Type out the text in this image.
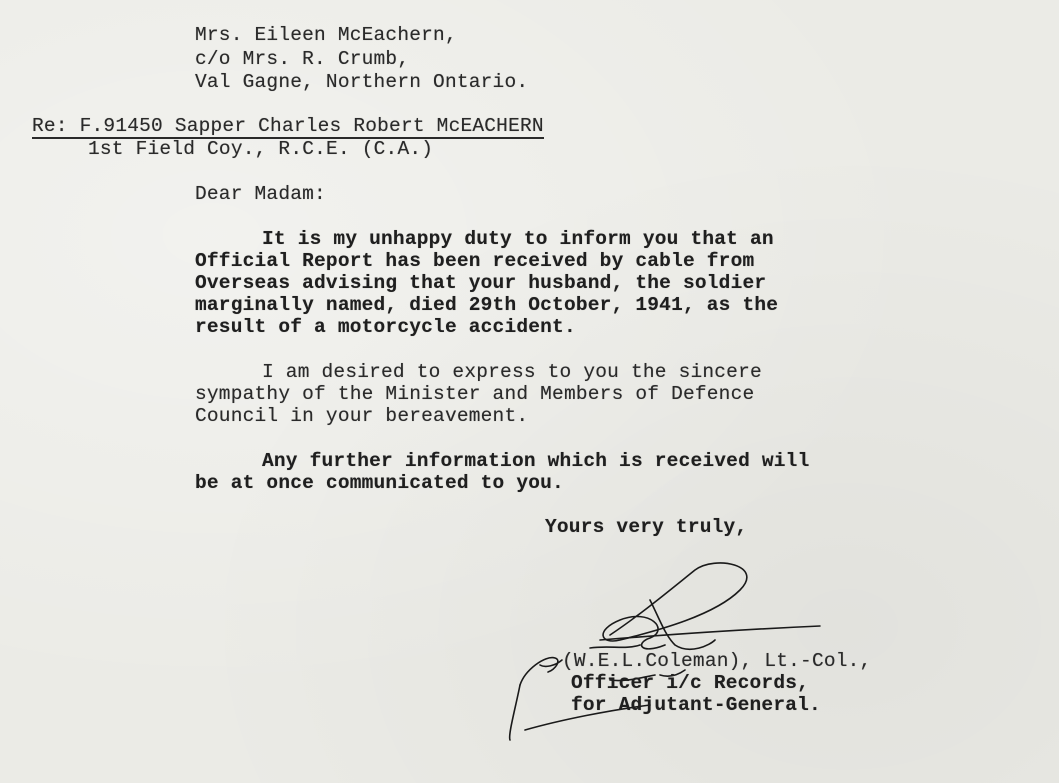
Mrs. Eileen McEachern,
c/o Mrs. R. Crumb,
Val Gagne, Northern Ontario.
Re: F.91450 Sapper Charles Robert McEACHERN
1st Field Coy., R.C.E. (C.A.)
Dear Madam:
It is my unhappy duty to inform you that an
Official Report has been received by cable from
Overseas advising that your husband, the soldier
marginally named, died 29th October, 1941, as the
result of a motorcycle accident.
I am desired to express to you the sincere
sympathy of the Minister and Members of Defence
Council in your bereavement.
Any further information which is received will
be at once communicated to you.
Yours very truly,
(W.E.L.Coleman), Lt.-Col.,
Officer i/c Records,
for Adjutant-General.
